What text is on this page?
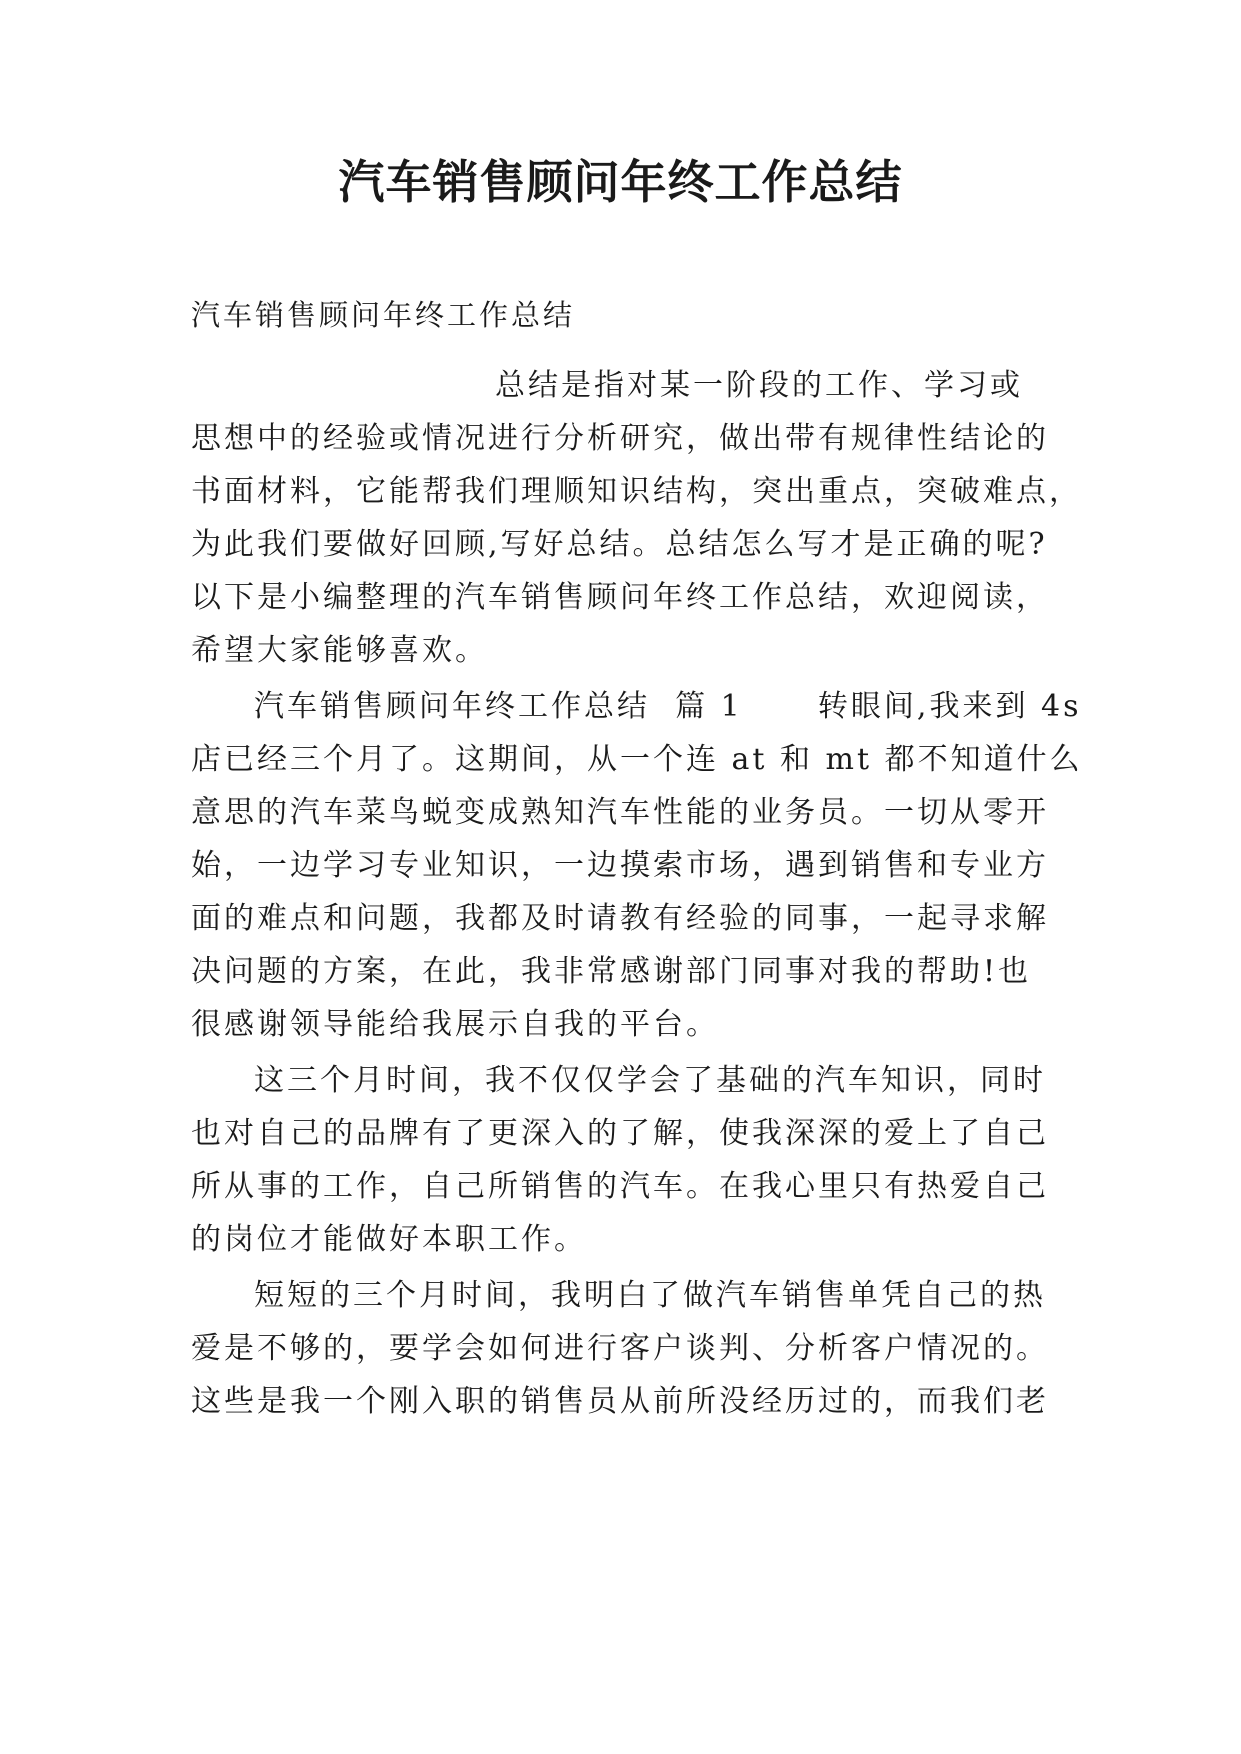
汽车销售顾问年终工作总结

汽车销售顾问年终工作总结

总结是指对某一阶段的工作、学习或

思想中的经验或情况进行分析研究，做出带有规律性结论的

书面材料，它能帮我们理顺知识结构，突出重点，突破难点，

为此我们要做好回顾,写好总结。总结怎么写才是正确的呢?

以下是小编整理的汽车销售顾问年终工作总结，欢迎阅读，

希望大家能够喜欢。

汽车销售顾问年终工作总结  篇 1      转眼间,我来到 4s

店已经三个月了。这期间，从一个连 at 和 mt 都不知道什么

意思的汽车菜鸟蜕变成熟知汽车性能的业务员。一切从零开

始，一边学习专业知识，一边摸索市场，遇到销售和专业方

面的难点和问题，我都及时请教有经验的同事，一起寻求解

决问题的方案，在此，我非常感谢部门同事对我的帮助!也

很感谢领导能给我展示自我的平台。

这三个月时间，我不仅仅学会了基础的汽车知识，同时

也对自己的品牌有了更深入的了解，使我深深的爱上了自己

所从事的工作，自己所销售的汽车。在我心里只有热爱自己

的岗位才能做好本职工作。

短短的三个月时间，我明白了做汽车销售单凭自己的热

爱是不够的，要学会如何进行客户谈判、分析客户情况的。

这些是我一个刚入职的销售员从前所没经历过的，而我们老
